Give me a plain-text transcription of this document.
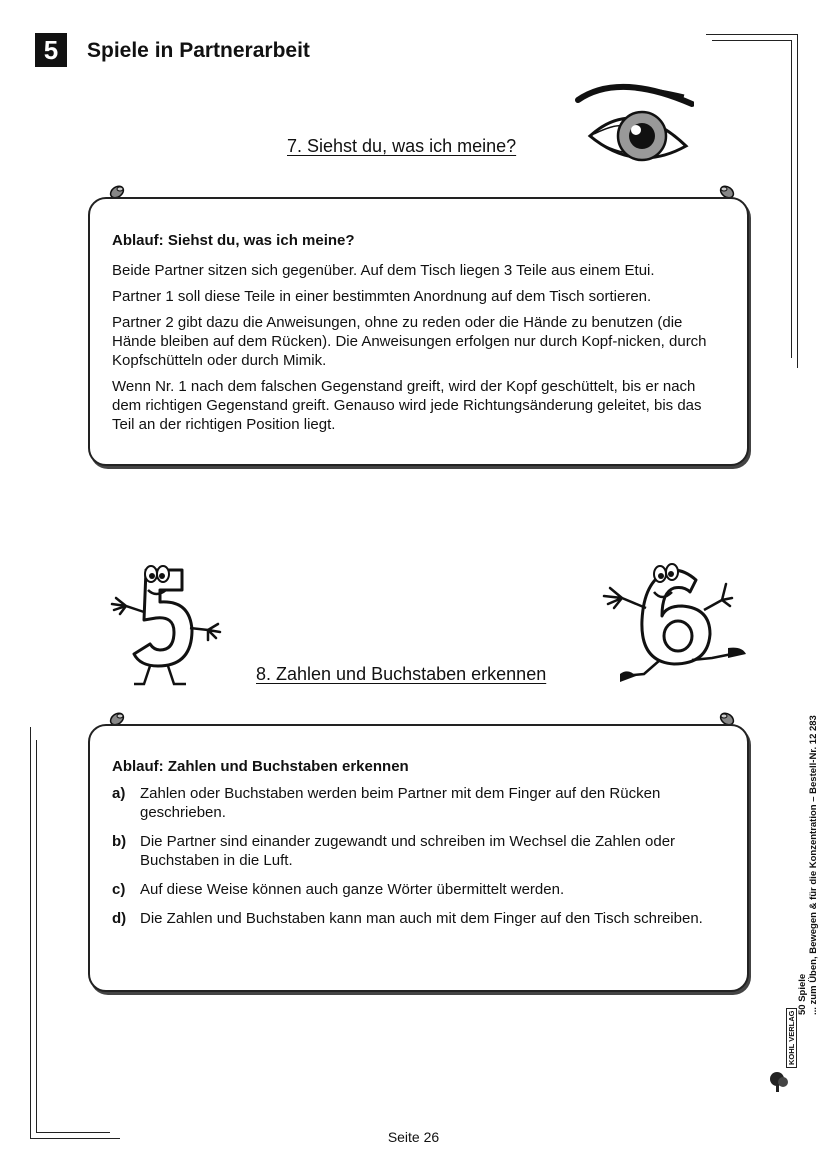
5	Spiele in Partnerarbeit
7. Siehst du, was ich meine?
Ablauf: Siehst du, was ich meine?

Beide Partner sitzen sich gegenüber. Auf dem Tisch liegen 3 Teile aus einem Etui.

Partner 1 soll diese Teile in einer bestimmten Anordnung auf dem Tisch sortieren.

Partner 2 gibt dazu die Anweisungen, ohne zu reden oder die Hände zu benutzen (die Hände bleiben auf dem Rücken). Die Anweisungen erfolgen nur durch Kopf-nicken, durch Kopfschütteln oder durch Mimik.

Wenn Nr. 1 nach dem falschen Gegenstand greift, wird der Kopf geschüttelt, bis er nach dem richtigen Gegenstand greift. Genauso wird jede Richtungsänderung geleitet, bis das Teil an der richtigen Position liegt.

8. Zahlen und Buchstaben erkennen
Ablauf: Zahlen und Buchstaben erkennen
a) Zahlen oder Buchstaben werden beim Partner mit dem Finger auf den Rücken geschrieben.
b) Die Partner sind einander zugewandt und schreiben im Wechsel die Zahlen oder Buchstaben in die Luft.
c) Auf diese Weise können auch ganze Wörter übermittelt werden.
d) Die Zahlen und Buchstaben kann man auch mit dem Finger auf den Tisch schreiben.
50 Spiele ... zum Üben, Bewegen & für die Konzentration – Bestell-Nr. 12 283
KOHL VERLAG
Seite 26
